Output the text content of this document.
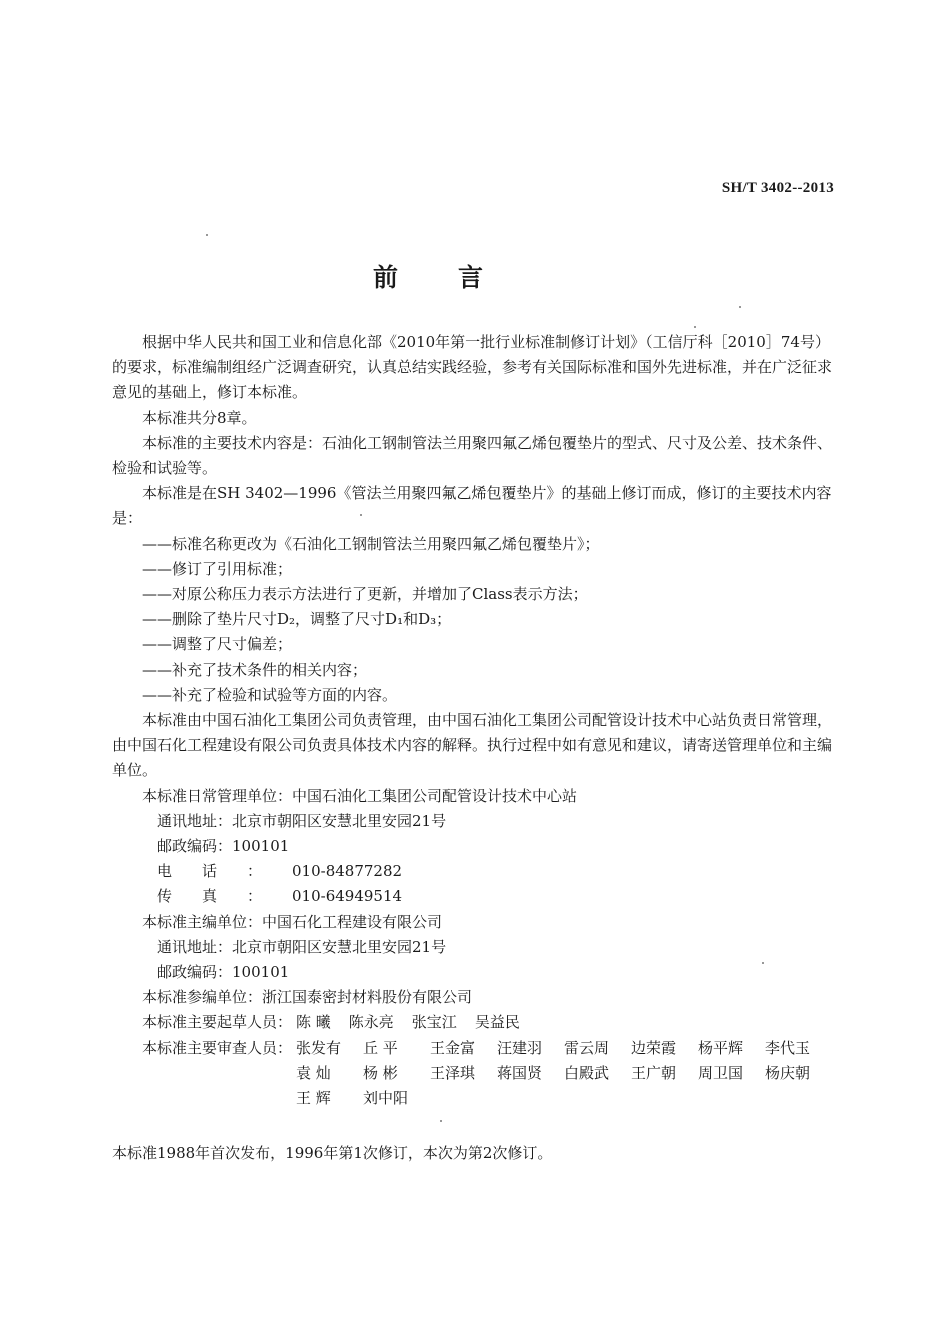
SH/T 3402--2013
前言

根据中华人民共和国工业和信息化部《2010年第一批行业标准制修订计划》（工信厅科［2010］74号）的要求，标准编制组经广泛调查研究，认真总结实践经验，参考有关国际标准和国外先进标准，并在广泛征求意见的基础上，修订本标准。

本标准共分8章。

本标准的主要技术内容是：石油化工钢制管法兰用聚四氟乙烯包覆垫片的型式、尺寸及公差、技术条件、检验和试验等。

本标准是在SH 3402—1996《管法兰用聚四氟乙烯包覆垫片》的基础上修订而成，修订的主要技术内容是：

——标准名称更改为《石油化工钢制管法兰用聚四氟乙烯包覆垫片》；

——修订了引用标准；

——对原公称压力表示方法进行了更新，并增加了Class表示方法；

——删除了垫片尺寸D₂，调整了尺寸D₁和D₃；

——调整了尺寸偏差；

——补充了技术条件的相关内容；

——补充了检验和试验等方面的内容。

本标准由中国石油化工集团公司负责管理，由中国石油化工集团公司配管设计技术中心站负责日常管理，由中国石化工程建设有限公司负责具体技术内容的解释。执行过程中如有意见和建议，请寄送管理单位和主编单位。

本标准日常管理单位：中国石油化工集团公司配管设计技术中心站

通讯地址：北京市朝阳区安慧北里安园21号

邮政编码：100101

电话：010-84877282

传真：010-64949514

本标准主编单位：中国石化工程建设有限公司

通讯地址：北京市朝阳区安慧北里安园21号

邮政编码：100101

本标准参编单位：浙江国泰密封材料股份有限公司

本标准主要起草人员： 陈 曦 陈永亮 张宝江 吴益民
本标准主要审查人员： 张发有	丘 平	王金富	汪建羽	雷云周	边荣霞	杨平辉	李代玉
袁 灿	杨 彬	王泽琪	蒋国贤	白殿武	王广朝	周卫国	杨庆朝
王 辉	刘中阳
本标准1988年首次发布，1996年第1次修订，本次为第2次修订。
